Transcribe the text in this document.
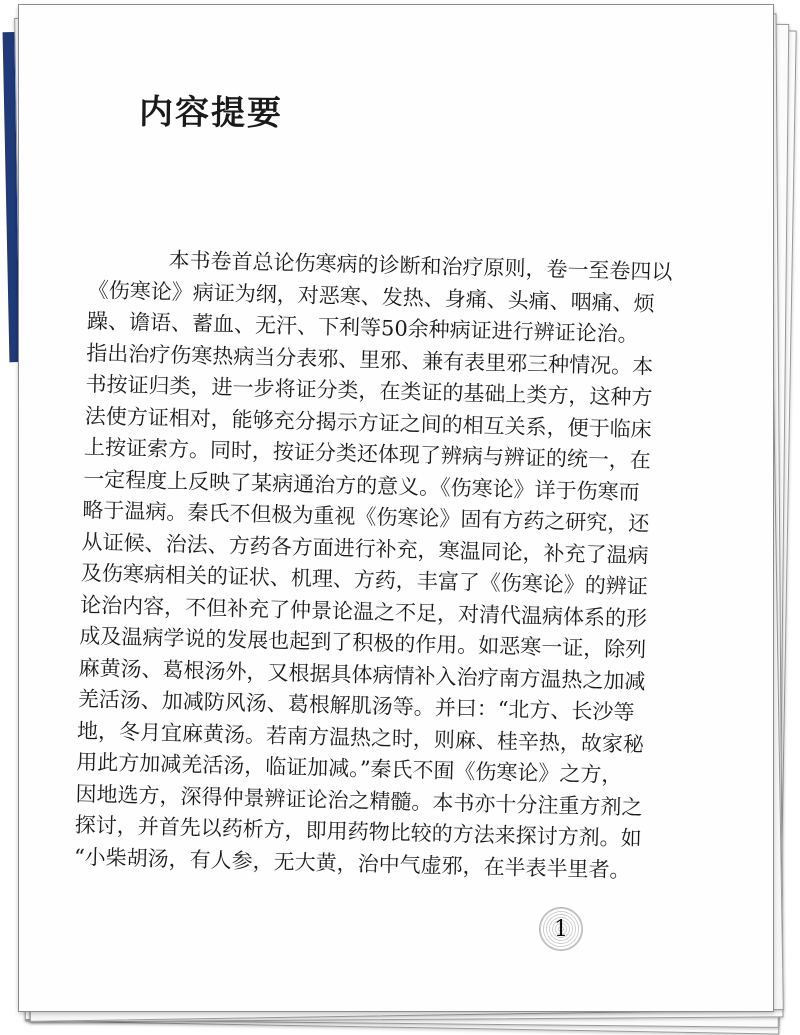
内容提要
本书卷首总论伤寒病的诊断和治疗原则，卷一至卷四以
《伤寒论》病证为纲，对恶寒、发热、身痛、头痛、咽痛、烦
躁、谵语、蓄血、无汗、下利等50余种病证进行辨证论治。
指出治疗伤寒热病当分表邪、里邪、兼有表里邪三种情况。本
书按证归类，进一步将证分类，在类证的基础上类方，这种方
法使方证相对，能够充分揭示方证之间的相互关系，便于临床
上按证索方。同时，按证分类还体现了辨病与辨证的统一，在
一定程度上反映了某病通治方的意义。《伤寒论》详于伤寒而
略于温病。秦氏不但极为重视《伤寒论》固有方药之研究，还
从证候、治法、方药各方面进行补充，寒温同论，补充了温病
及伤寒病相关的证状、机理、方药，丰富了《伤寒论》的辨证
论治内容，不但补充了仲景论温之不足，对清代温病体系的形
成及温病学说的发展也起到了积极的作用。如恶寒一证，除列
麻黄汤、葛根汤外，又根据具体病情补入治疗南方温热之加减
羌活汤、加减防风汤、葛根解肌汤等。并曰：“北方、长沙等
地，冬月宜麻黄汤。若南方温热之时，则麻、桂辛热，故家秘
用此方加减羌活汤，临证加减。”秦氏不囿《伤寒论》之方，
因地选方，深得仲景辨证论治之精髓。本书亦十分注重方剂之
探讨，并首先以药析方，即用药物比较的方法来探讨方剂。如
“小柴胡汤，有人参，无大黄，治中气虚邪，在半表半里者。
1
